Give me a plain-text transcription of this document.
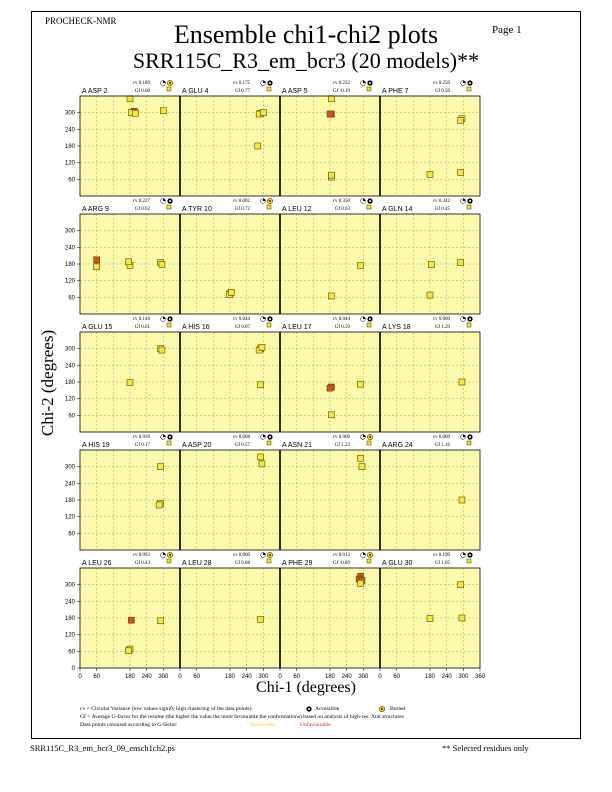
PROCHECK-NMR
Page 1
Ensemble chi1-chi2 plots
SRR115C_R3_em_bcr3 (20 models)**
A ASP 2
cv 0.189
Gf 0.60	A GLU 4
cv 0.175
Gf 0.77	A ASP 5
cv 0.222
Gf -0.19	A PHE 7
cv 0.250
Gf 0.50
A ARG 9
cv 0.227
Gf 0.62	A TYR 10
cv 0.002
Gf 0.72	A LEU 12
cv 0.350
Gf 0.63	A GLN 14
cv 0.342
Gf 0.45
A GLU 15
cv 0.146
Gf 0.61	A HIS 16
cv 0.044
Gf 0.07	A LEU 17
cv 0.044
Gf 0.59	A LYS 18
cv 0.000
Gf 1.29
A HIS 19
cv 0.039
Gf 0.17	A ASP 20
cv 0.008
Gf 0.57	A ASN 21
cv 0.006
Gf 1.23	A ARG 24
cv 0.000
Gf 1.16
A LEU 26
cv 0.093
Gf 0.43	A LEU 28
cv 0.000
Gf 0.88	A PHE 29
cv 0.013
Gf -0.89	A GLU 30
cv 0.190
Gf 1.05
300
240
180
120
60
300
240
180
120
60
300
240
180
120
60
300
240
180
120
60
300
240
180
120
60
0
0 60	180 240 300 0 60	180 240 300 0 60	180 240 300 0 60	180 240 300 360
Chi-2 (degrees)
Chi-1 (degrees)
cv = Circular Variance (low values signify high clustering of the data points).	Accessible	Buried
Gf = Average G-factor for the residue (the higher the value the more favourable the conformations) based on analysis of high-res. Xtal structures
Data points coloured according to G-factor:	Favourable	Unfavourable
SRR115C_R3_em_bcr3_09_ensch1ch2.ps	** Selected residues only
